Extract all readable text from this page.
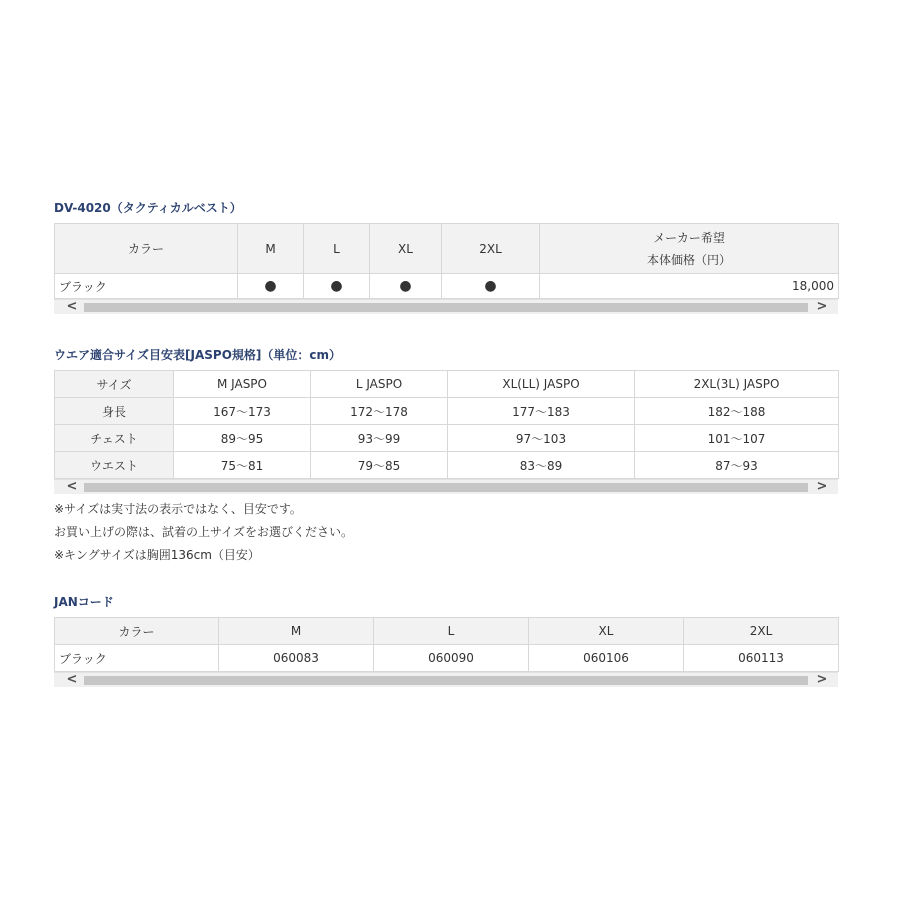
DV-4020（タクティカルベスト）

カラー	M	L	XL	2XL	メーカー希望
本体価格（円）

ブラック	●	●	●	●	18,000
<	>

ウエア適合サイズ目安表[JASPO規格]（単位：cm）

サイズ	M JASPO	L JASPO	XL(LL) JASPO	2XL(3L) JASPO
身長	167〜173	172〜178	177〜183	182〜188
チェスト	89〜95	93〜99	97〜103	101〜107
ウエスト	75〜81	79〜85	83〜89	87〜93
<	>

※サイズは実寸法の表示ではなく、目安です。

お買い上げの際は、試着の上サイズをお選びください。

※キングサイズは胸囲136cm（目安）

JANコード

カラー	M	L	XL	2XL
ブラック	060083	060090	060106	060113
<	>
